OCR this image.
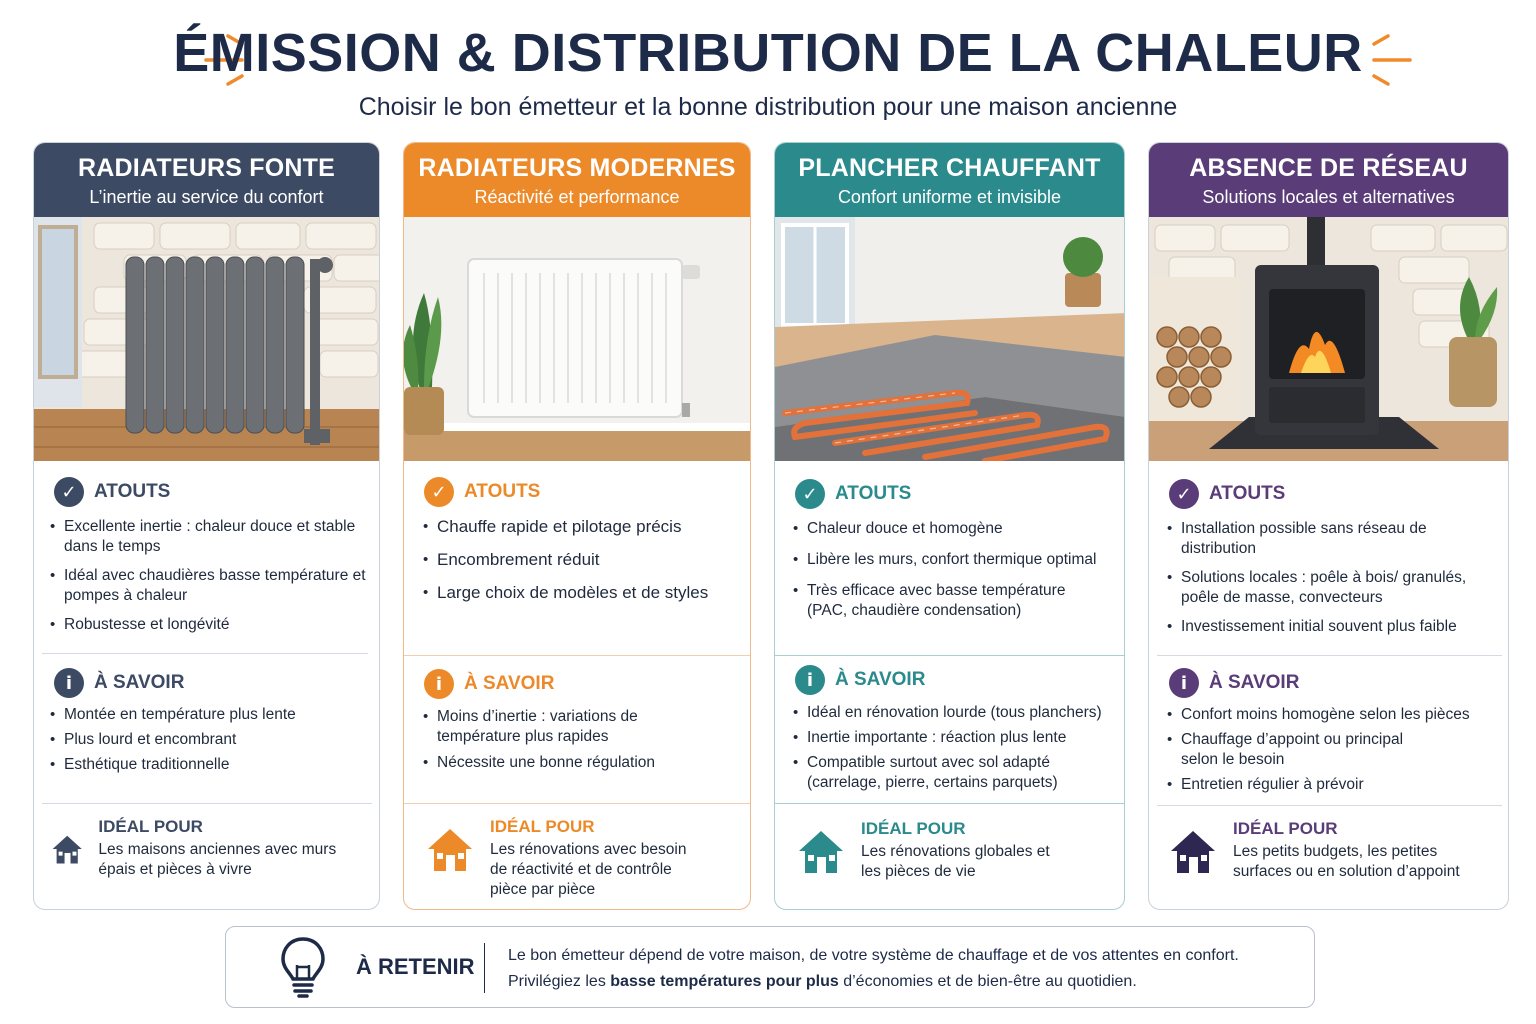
ÉMISSION & DISTRIBUTION DE LA CHALEUR
Choisir le bon émetteur et la bonne distribution pour une maison ancienne
RADIATEURS FONTE
L’inertie au service du confort
✓ ATOUTS
• Excellente inertie : chaleur douce et stable dans le temps
• Idéal avec chaudières basse température et pompes à chaleur
• Robustesse et longévité
i	À SAVOIR
• Montée en température plus lente
• Plus lourd et encombrant
• Esthétique traditionnelle
IDÉAL POUR
Les maisons anciennes avec murs épais et pièces à vivre
RADIATEURS MODERNES
Réactivité et performance
✓ ATOUTS
• Chauffe rapide et pilotage précis
• Encombrement réduit
• Large choix de modèles et de styles
i	À SAVOIR
• Moins d’inertie : variations de température plus rapides
• Nécessite une bonne régulation
IDÉAL POUR
Les rénovations avec besoin de réactivité et de contrôle pièce par pièce
PLANCHER CHAUFFANT
Confort uniforme et invisible
✓ ATOUTS
• Chaleur douce et homogène
• Libère les murs, confort thermique optimal
• Très efficace avec basse température (PAC, chaudière condensation)
i	À SAVOIR
• Idéal en rénovation lourde (tous planchers)
• Inertie importante : réaction plus lente
• Compatible surtout avec sol adapté (carrelage, pierre, certains parquets)
IDÉAL POUR
Les rénovations globales et les pièces de vie
ABSENCE DE RÉSEAU
Solutions locales et alternatives
✓ ATOUTS
• Installation possible sans réseau de distribution
• Solutions locales : poêle à bois/ granulés, poêle de masse, convecteurs
• Investissement initial souvent plus faible
i	À SAVOIR
• Confort moins homogène selon les pièces
• Chauffage d’appoint ou principal selon le besoin
• Entretien régulier à prévoir
IDÉAL POUR
Les petits budgets, les petites surfaces ou en solution d’appoint
À RETENIR Le bon émetteur dépend de votre maison, de votre système de chauffage et de vos attentes en confort.
Privilégiez les basse températures pour plus d’économies et de bien-être au quotidien.
